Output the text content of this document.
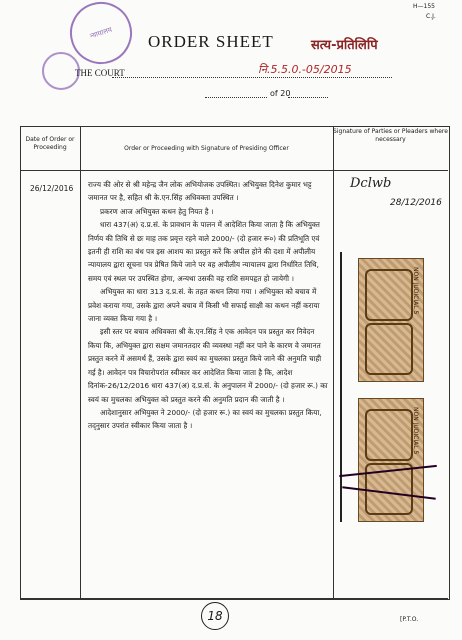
H—155
C.J.
न्यायालय	ORDER SHEET	सत्य-प्रतिलिपि
THE COURT	नि.5.5.0.-05/2015
of 20
Date of Order or Proceeding	Order or Proceeding with Signature of Presiding Officer
Signature of Parties or Pleaders where necessary
26/12/2016 राज्य की ओर से श्री महेन्द्र जैन लोक अभियोजक उपस्थित। अभियुक्त दिनेश कुमार भट्ट जमानत पर है, सहित श्री के.एन.सिंह अधिवक्ता उपस्थित ।

प्रकरण आज अभियुक्त कथन हेतु नियत है ।

धारा 437(अ) द.प्र.सं. के प्रावधान के पालन में आदेशित किया जाता है कि अभियुक्त निर्णय की तिथि से छः माह तक प्रवृत्त रहने वाले 2000/- (दो हजार रू०) की प्रतिभूति एवं इतनी ही राशि का बंध पत्र इस आशय का प्रस्तुत करें कि अपील होने की दशा में अपीलीय न्यायालय द्वारा सूचना पत्र प्रेषित किये जाने पर वह अपीलीय न्यायालय द्वारा निर्धारित तिथि, समय एवं स्थल पर उपस्थित होगा, अन्यथा उसकी वह राशि समपहृत हो जायेगी ।

अभियुक्त का धारा 313 द.प्र.सं. के तहत कथन लिया गया । अभियुक्त को बचाव में प्रवेश कराया गया, उसके द्वारा अपने बचाव में किसी भी सफाई साक्षी का कथन नहीं कराया जाना व्यक्त किया गया है ।

इसी स्तर पर बचाव अधिवक्ता श्री के.एन.सिंह ने एक आवेदन पत्र प्रस्तुत कर निवेदन किया कि, अभियुक्त द्वारा सक्षम जमानतदार की व्यवस्था नहीं कर पाने के कारण वे जमानत प्रस्तुत करने में असमर्थ हैं, उसके द्वारा स्वयं का मुचलका प्रस्तुत किये जाने की अनुमति चाही गई है। आवेदन पत्र विचारोपरांत स्वीकार कर आदेशित किया जाता है कि, आदेश दिनांक-26/12/2016 धारा 437(अ) द.प्र.सं. के अनुपालन में 2000/- (दो हजार रू.) का स्वयं का मुचलका अभियुक्त को प्रस्तुत करने की अनुमति प्रदान की जाती है ।

आदेशानुसार अभियुक्त ने 2000/- (दो हजार रू.) का स्वयं का मुचलका प्रस्तुत किया, तद्नुसार उपरांत स्वीकार किया जाता है ।

Dclwb
28/12/2016
NON JUDICIAL 5
NON JUDICIAL 5
18	[P.T.O.
